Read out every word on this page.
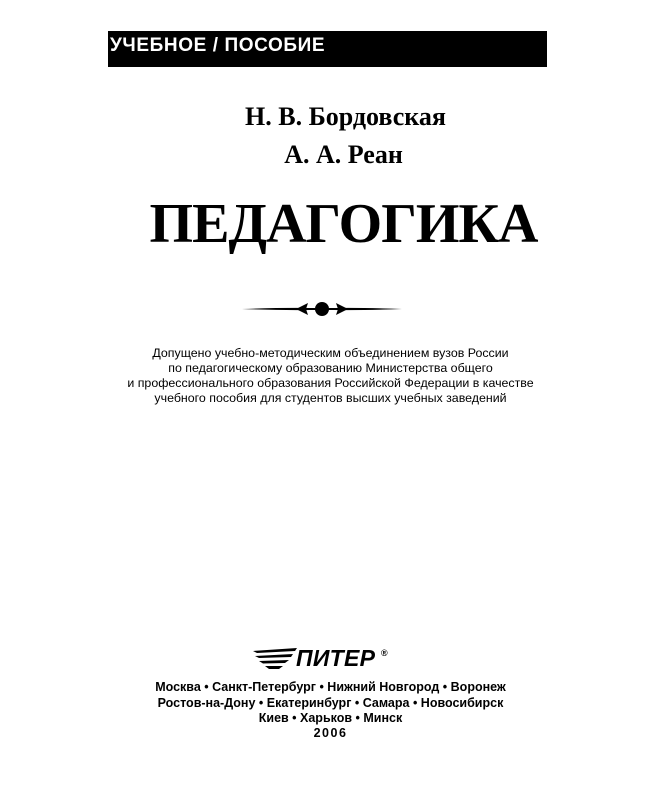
УЧЕБНОЕ / ПОСОБИЕ
Н. В. Бордовская
А. А. Реан
ПЕДАГОГИКА
Допущено учебно-методическим объединением вузов России
по педагогическому образованию Министерства общего
и профессионального образования Российской Федерации в качестве
учебного пособия для студентов высших учебных заведений
ПИТЕР ®
Москва • Санкт-Петербург • Нижний Новгород • Воронеж
Ростов-на-Дону • Екатеринбург • Самара • Новосибирск
Киев • Харьков • Минск
2006
